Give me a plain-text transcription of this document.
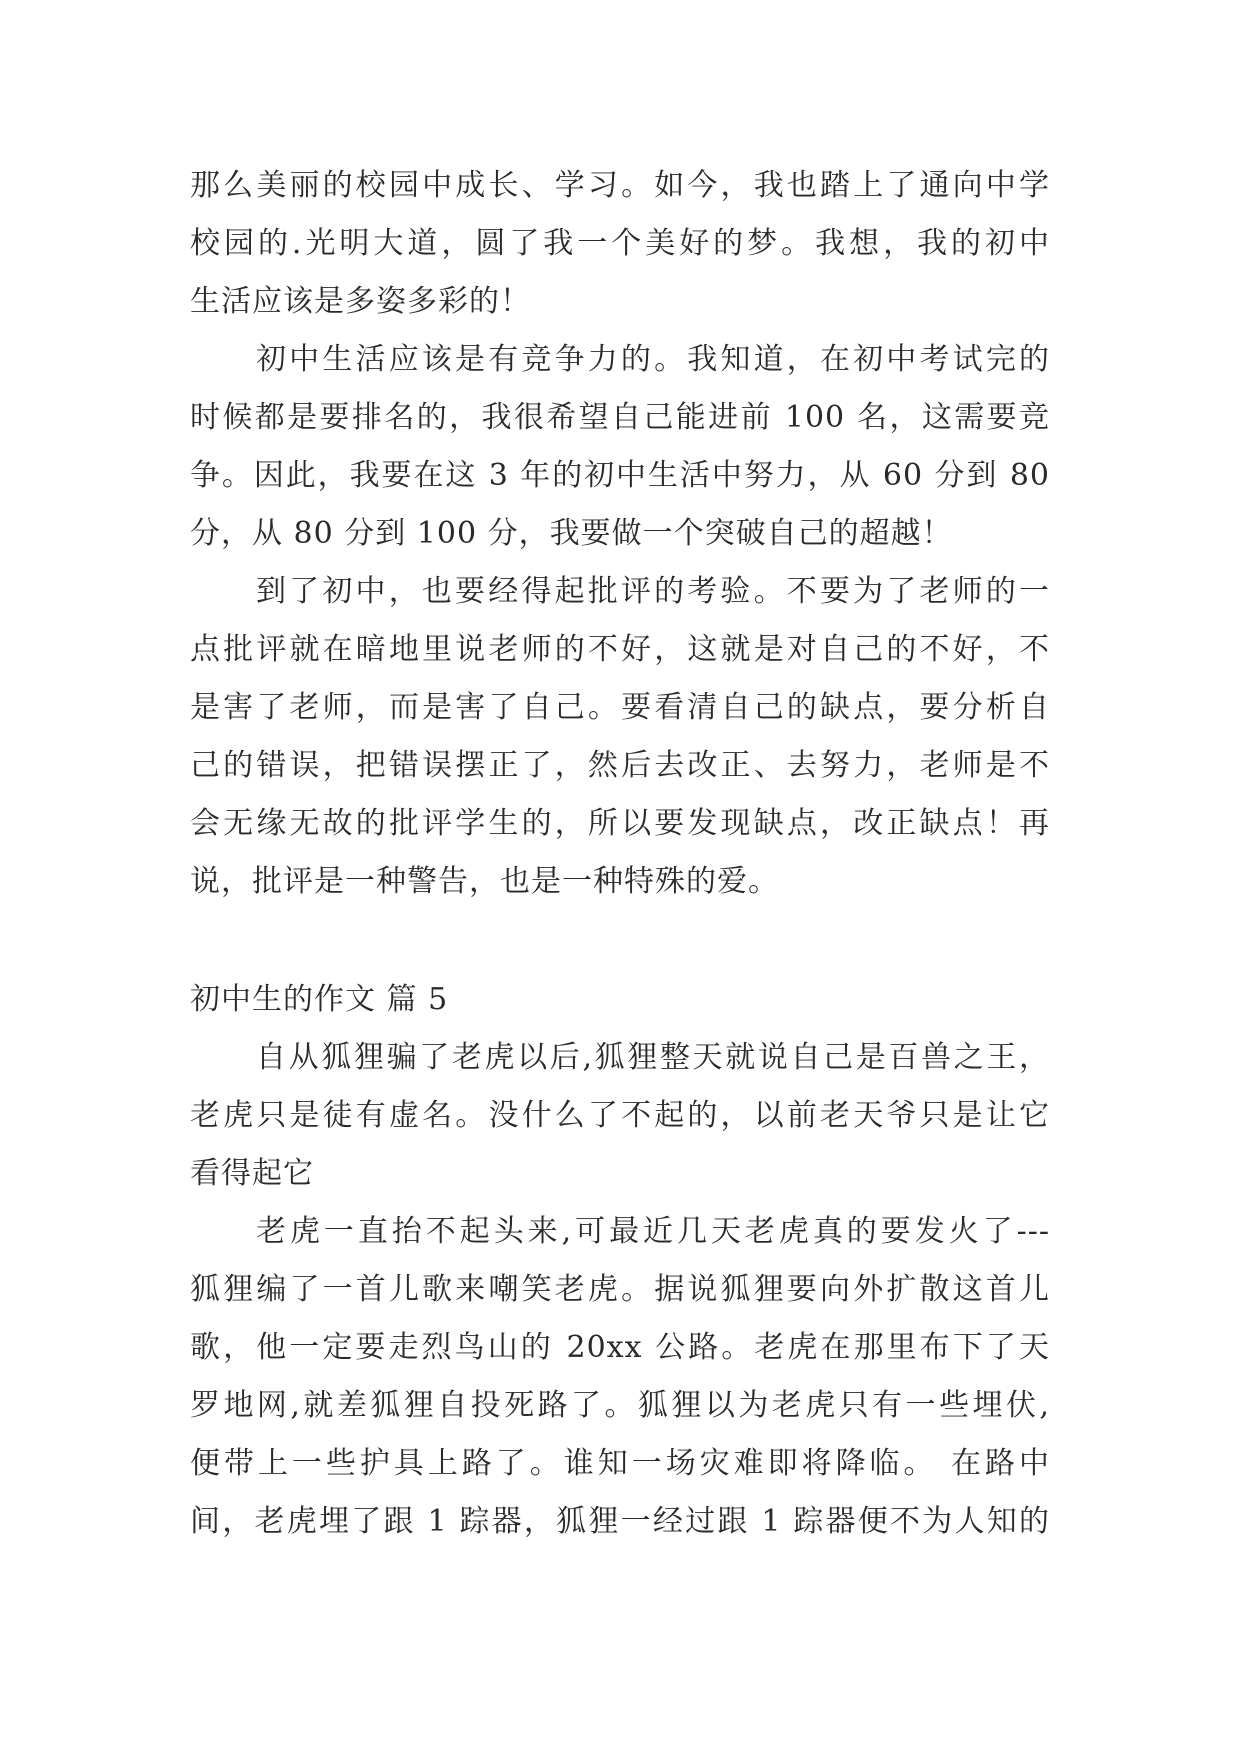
那么美丽的校园中成长、学习。如今，我也踏上了通向中学
校园的.光明大道，圆了我一个美好的梦。我想，我的初中
生活应该是多姿多彩的！
初中生活应该是有竞争力的。我知道，在初中考试完的
时候都是要排名的，我很希望自己能进前 100 名，这需要竞
争。因此，我要在这 3 年的初中生活中努力，从 60 分到 80
分，从 80 分到 100 分，我要做一个突破自己的超越！
到了初中，也要经得起批评的考验。不要为了老师的一
点批评就在暗地里说老师的不好，这就是对自己的不好，不
是害了老师，而是害了自己。要看清自己的缺点，要分析自
己的错误，把错误摆正了，然后去改正、去努力，老师是不
会无缘无故的批评学生的，所以要发现缺点，改正缺点！再
说，批评是一种警告，也是一种特殊的爱。
初中生的作文 篇 5
自从狐狸骗了老虎以后,狐狸整天就说自己是百兽之王，
老虎只是徒有虚名。没什么了不起的，以前老天爷只是让它
看得起它
老虎一直抬不起头来,可最近几天老虎真的要发火了---
狐狸编了一首儿歌来嘲笑老虎。据说狐狸要向外扩散这首儿
歌，他一定要走烈鸟山的 20xx 公路。老虎在那里布下了天
罗地网,就差狐狸自投死路了。狐狸以为老虎只有一些埋伏,
便带上一些护具上路了。谁知一场灾难即将降临。 在路中
间，老虎埋了跟 1 踪器，狐狸一经过跟 1 踪器便不为人知的
